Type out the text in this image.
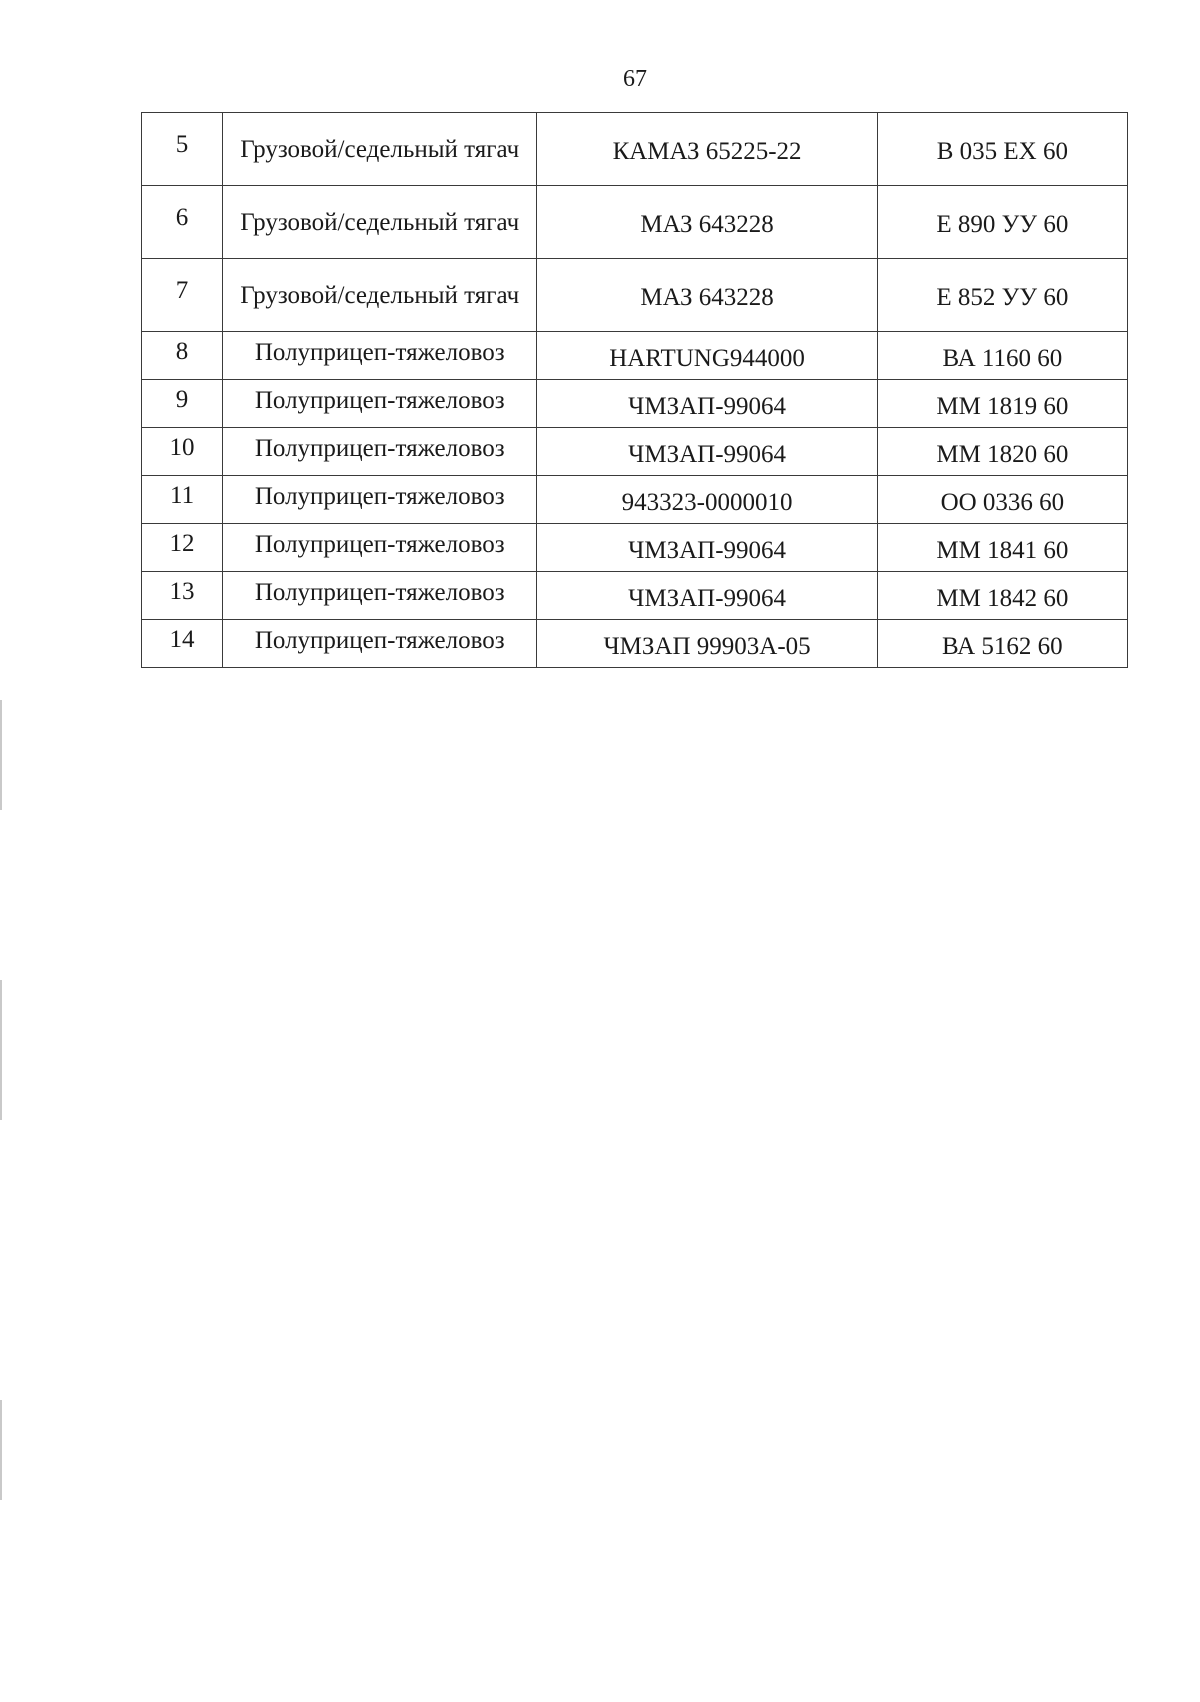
67
5	Грузовой/седельный тягач	КАМАЗ 65225-22	В 035 ЕХ 60
6	Грузовой/седельный тягач	МАЗ 643228	Е 890 УУ 60
7	Грузовой/седельный тягач	МАЗ 643228	Е 852 УУ 60
8	Полуприцеп-тяжеловоз	HARTUNG944000	ВА 1160 60
9	Полуприцеп-тяжеловоз	ЧМЗАП-99064	ММ 1819 60
10	Полуприцеп-тяжеловоз	ЧМЗАП-99064	ММ 1820 60
11	Полуприцеп-тяжеловоз	943323-0000010	ОО 0336 60
12	Полуприцеп-тяжеловоз	ЧМЗАП-99064	ММ 1841 60
13	Полуприцеп-тяжеловоз	ЧМЗАП-99064	ММ 1842 60
14	Полуприцеп-тяжеловоз	ЧМЗАП 99903А-05	ВА 5162 60
